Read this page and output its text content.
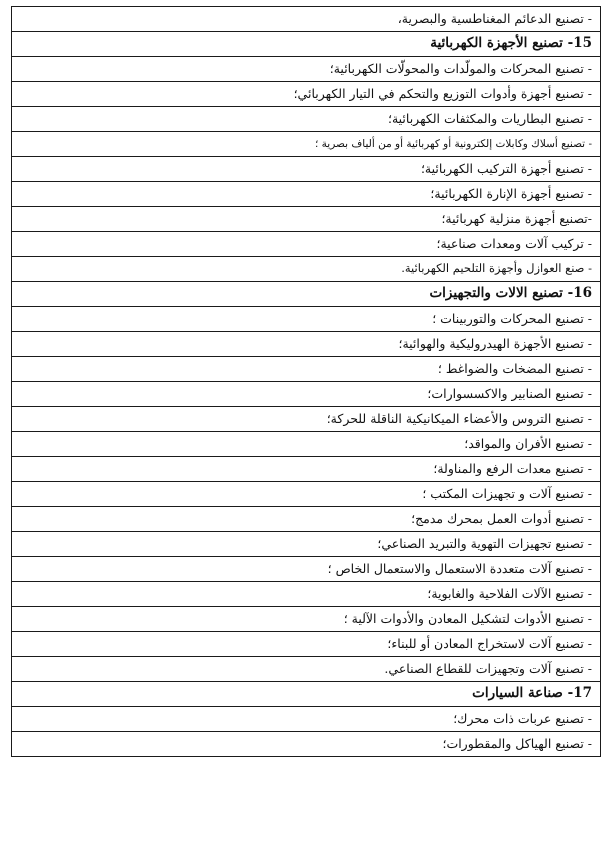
- تصنيع الدعائم المغناطسية والبصرية،
15- تصنيع الأجهزة الكهربائية
- تصنيع المحركات والمولّدات والمحولّات الكهربائية؛
- تصنيع أجهزة وأدوات التوزيع والتحكم في التيار الكهربائي؛
- تصنيع البطاريات والمكثفات الكهربائية؛
- تصنيع أسلاك وكابلات إلكترونية أو كهربائية أو من ألياف بصرية ؛
- تصنيع أجهزة التركيب الكهربائية؛
- تصنيع أجهزة الإنارة الكهربائية؛
-تصنيع أجهزة منزلية كهربائية؛
- تركيب آلات ومعدات صناعية؛
- صنع العوازل وأجهزة التلحيم الكهربائية.
16- تصنيع الالات والتجهيزات
- تصنيع المحركات والتوربينات ؛
- تصنيع الأجهزة الهيدروليكية والهوائية؛
- تصنيع المضخات والضواغط ؛
- تصنيع الصنابير والاكسسوارات؛
- تصنيع التروس والأعضاء الميكانيكية الناقلة للحركة؛
- تصنيع الأفران والمواقد؛
- تصنيع معدات الرفع والمناولة؛
- تصنيع آلات و تجهيزات المكتب ؛
- تصنيع أدوات العمل بمحرك مدمج؛
- تصنيع تجهيزات التهوية والتبريد الصناعي؛
- تصنيع آلات متعددة الاستعمال والاستعمال الخاص ؛
- تصنيع الآلات الفلاحية والغابوية؛
- تصنيع الأدوات لتشكيل المعادن والأدوات الآلية ؛
- تصنيع آلات لاستخراج المعادن أو للبناء؛
- تصنيع آلات وتجهيزات للقطاع الصناعي.
17- صناعة السيارات
- تصنيع عربات ذات محرك؛
- تصنيع الهياكل والمقطورات؛
